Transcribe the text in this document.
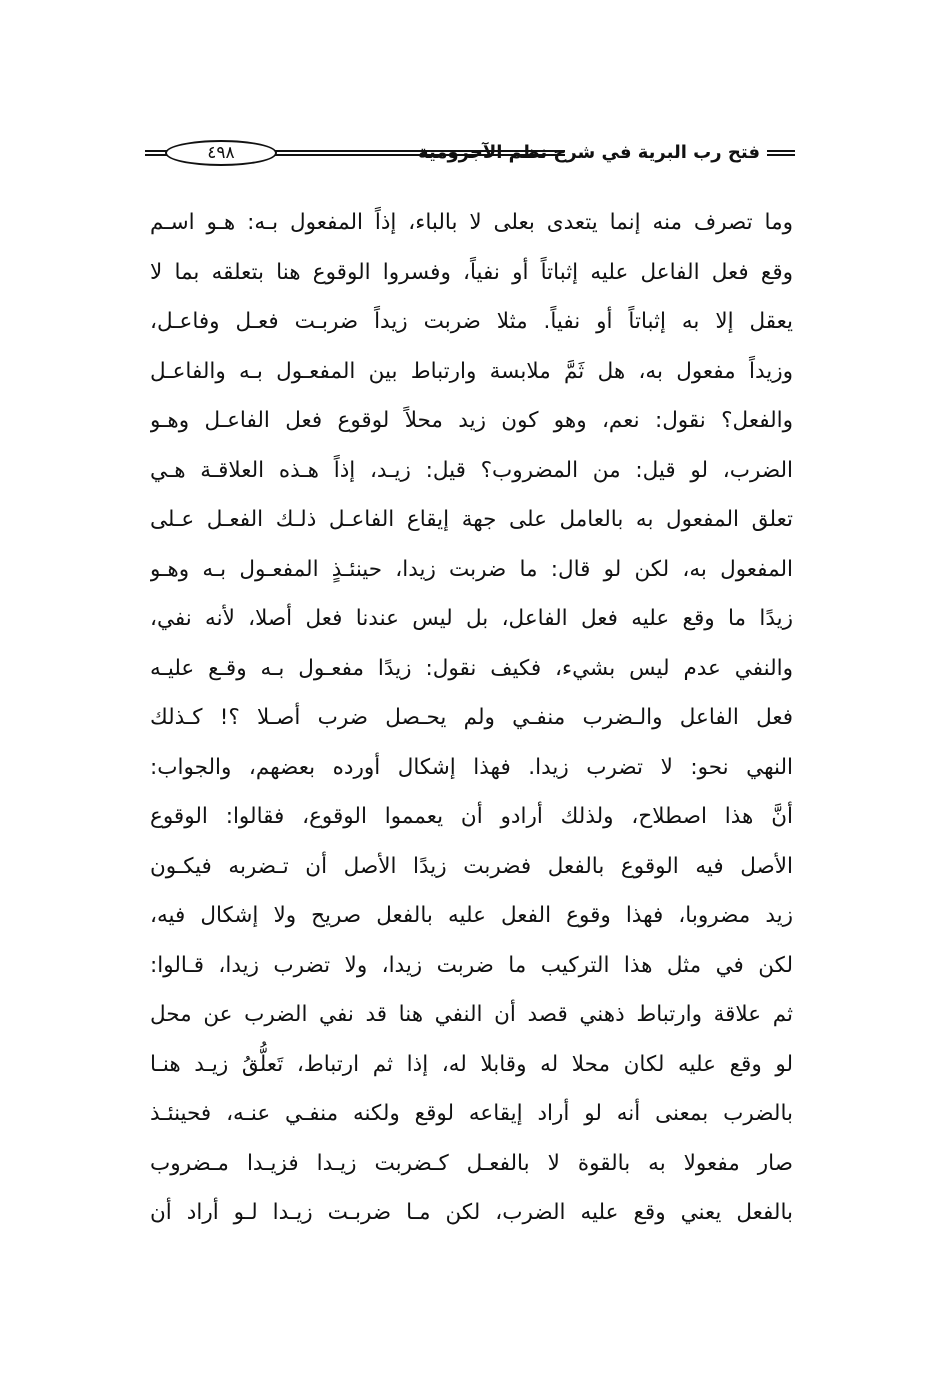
فتح رب البرية في شرح نظم الآجرومية
٤٩٨
وما تصرف منه إنما يتعدى بعلى لا بالباء، إذاً المفعول بـه: هـو اسـم
وقع فعل الفاعل عليه إثباتاً أو نفياً، وفسروا الوقوع هنا بتعلقه بما لا
يعقل إلا به إثباتاً أو نفياً. مثلا ضربت زيداً ضربـت فعـل وفاعـل،
وزيداً مفعول به، هل ثَمَّ ملابسة وارتباط بين المفعـول بـه والفاعـل
والفعل؟ نقول: نعم، وهو كون زيد محلاً لوقوع فعل الفاعـل وهـو
الضرب، لو قيل: من المضروب؟ قيل: زيـد، إذاً هـذه العلاقـة هـي
تعلق المفعول به بالعامل على جهة إيقاع الفاعـل ذلـك الفعـل عـلى
المفعول به، لكن لو قال: ما ضربت زيدا، حينئـذٍ المفعـول بـه وهـو
زيدًا ما وقع عليه فعل الفاعل، بل ليس عندنا فعل أصلا، لأنه نفي،
والنفي عدم ليس بشيء، فكيف نقول: زيدًا مفعـول بـه وقـع عليـه
فعل الفاعل والـضرب منفـي ولم يحـصل ضرب أصـلا ؟! كـذلك
النهي نحو: لا تضرب زيدا. فهذا إشكال أورده بعضهم، والجواب:
أنَّ هذا اصطلاح، ولذلك أرادو أن يعمموا الوقوع، فقالوا: الوقوع
الأصل فيه الوقوع بالفعل فضربت زيدًا الأصل أن تـضربه فيكـون
زيد مضروبا، فهذا وقوع الفعل عليه بالفعل صريح ولا إشكال فيه،
لكن في مثل هذا التركيب ما ضربت زيدا، ولا تضرب زيدا، قـالوا:
ثم علاقة وارتباط ذهني قصد أن النفي هنا قد نفي الضرب عن محل
لو وقع عليه لكان محلا له وقابلا له، إذا ثم ارتباط، تَعلُّقُ زيـد هنـا
بالضرب بمعنى أنه لو أراد إيقاعه لوقع ولكنه منفـي عنـه، فحينئـذ
صار مفعولا به بالقوة لا بالفعـل كـضربت زيـدا فزيـدا مـضروب
بالفعل يعني وقع عليه الضرب، لكن مـا ضربـت زيـدا لـو أراد أن
